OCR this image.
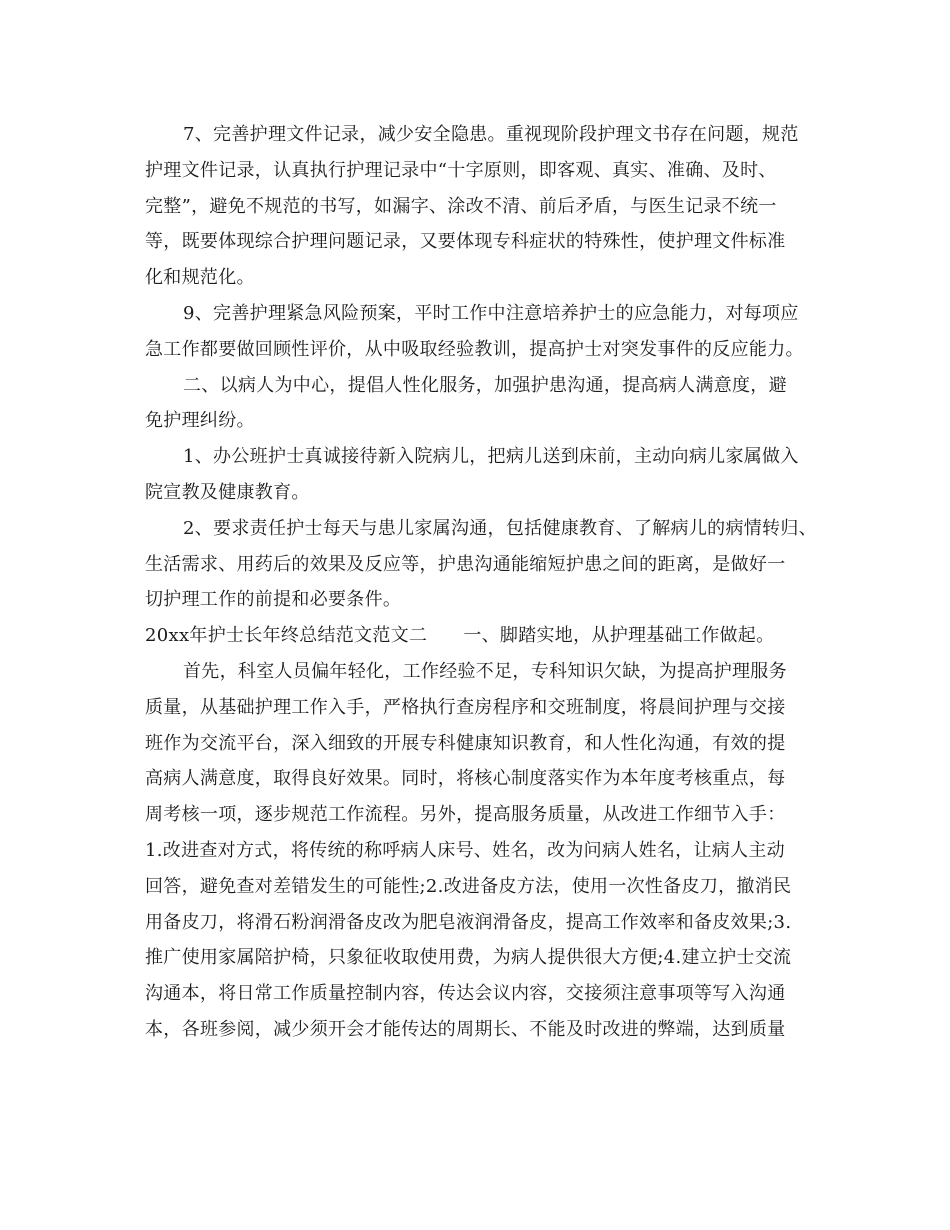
7、完善护理文件记录，减少安全隐患。重视现阶段护理文书存在问题，规范
护理文件记录，认真执行护理记录中“十字原则，即客观、真实、准确、及时、
完整”，避免不规范的书写，如漏字、涂改不清、前后矛盾，与医生记录不统一
等，既要体现综合护理问题记录，又要体现专科症状的特殊性，使护理文件标准
化和规范化。
9、完善护理紧急风险预案，平时工作中注意培养护士的应急能力，对每项应
急工作都要做回顾性评价，从中吸取经验教训，提高护士对突发事件的反应能力。
二、以病人为中心，提倡人性化服务，加强护患沟通，提高病人满意度，避
免护理纠纷。
1、办公班护士真诚接待新入院病儿，把病儿送到床前，主动向病儿家属做入
院宣教及健康教育。
2、要求责任护士每天与患儿家属沟通，包括健康教育、了解病儿的病情转归、
生活需求、用药后的效果及反应等，护患沟通能缩短护患之间的距离，是做好一
切护理工作的前提和必要条件。
20xx年护士长年终总结范文范文二 一、脚踏实地，从护理基础工作做起。
首先，科室人员偏年轻化，工作经验不足，专科知识欠缺，为提高护理服务
质量，从基础护理工作入手，严格执行查房程序和交班制度，将晨间护理与交接
班作为交流平台，深入细致的开展专科健康知识教育，和人性化沟通，有效的提
高病人满意度，取得良好效果。同时，将核心制度落实作为本年度考核重点，每
周考核一项，逐步规范工作流程。另外，提高服务质量，从改进工作细节入手：
1.改进查对方式，将传统的称呼病人床号、姓名，改为问病人姓名，让病人主动
回答，避免查对差错发生的可能性;2.改进备皮方法，使用一次性备皮刀，撤消民
用备皮刀，将滑石粉润滑备皮改为肥皂液润滑备皮，提高工作效率和备皮效果;3.
推广使用家属陪护椅，只象征收取使用费，为病人提供很大方便;4.建立护士交流
沟通本，将日常工作质量控制内容，传达会议内容，交接须注意事项等写入沟通
本，各班参阅，减少须开会才能传达的周期长、不能及时改进的弊端，达到质量
